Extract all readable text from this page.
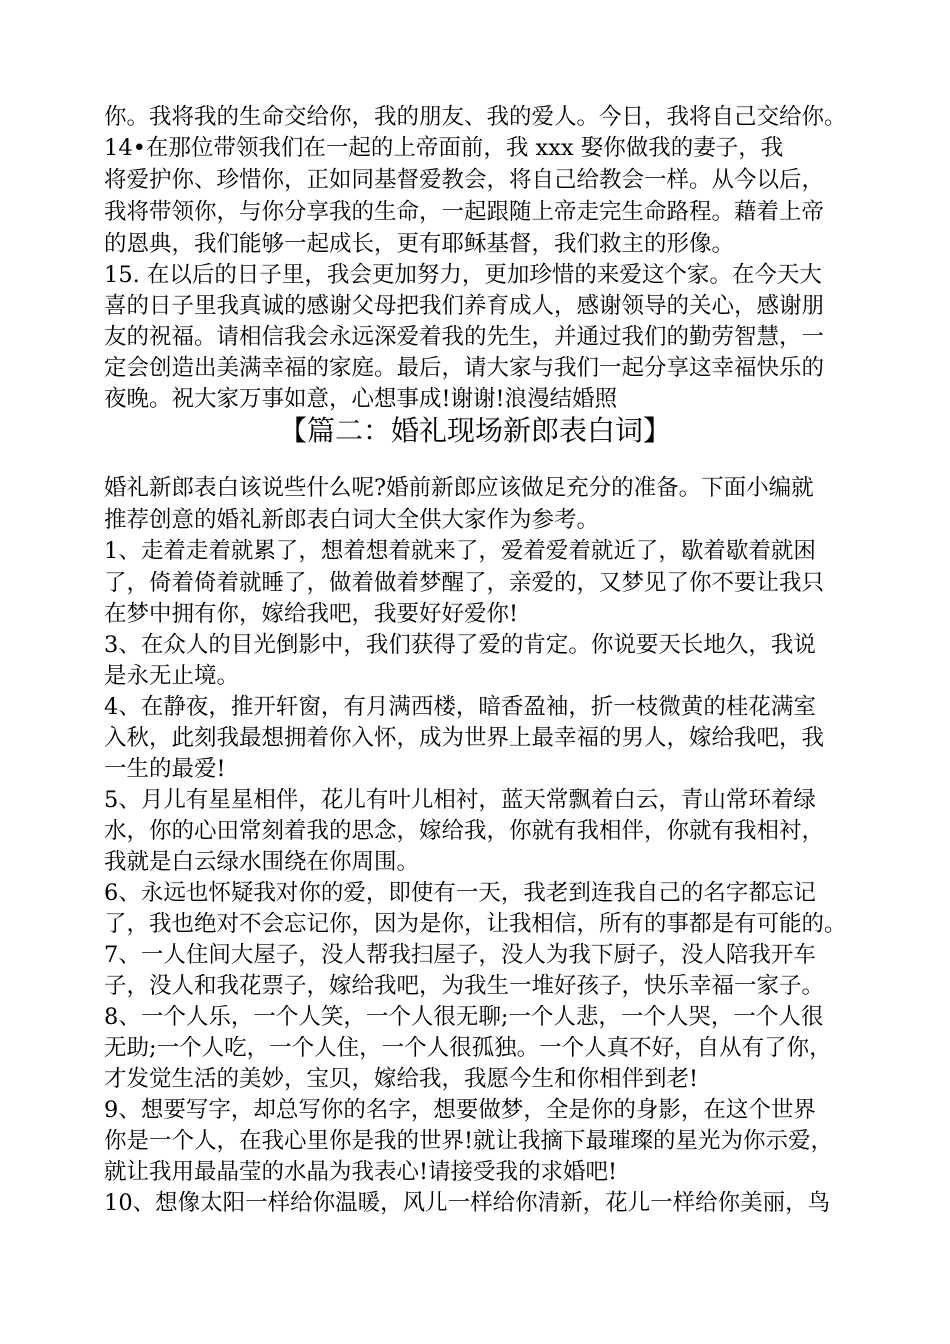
你。我将我的生命交给你，我的朋友、我的爱人。今日，我将自己交给你。
14•在那位带领我们在一起的上帝面前，我 xxx 娶你做我的妻子，我
将爱护你、珍惜你，正如同基督爱教会，将自己给教会一样。从今以后，
我将带领你，与你分享我的生命，一起跟随上帝走完生命路程。藉着上帝
的恩典，我们能够一起成长，更有耶稣基督，我们救主的形像。
15. 在以后的日子里，我会更加努力，更加珍惜的来爱这个家。在今天大
喜的日子里我真诚的感谢父母把我们养育成人，感谢领导的关心，感谢朋
友的祝福。请相信我会永远深爱着我的先生，并通过我们的勤劳智慧，一
定会创造出美满幸福的家庭。最后，请大家与我们一起分享这幸福快乐的
夜晚。祝大家万事如意，心想事成!谢谢!浪漫结婚照
【篇二：婚礼现场新郎表白词】
婚礼新郎表白该说些什么呢?婚前新郎应该做足充分的准备。下面小编就
推荐创意的婚礼新郎表白词大全供大家作为参考。
1、走着走着就累了，想着想着就来了，爱着爱着就近了，歇着歇着就困
了，倚着倚着就睡了，做着做着梦醒了，亲爱的，又梦见了你不要让我只
在梦中拥有你，嫁给我吧，我要好好爱你!
3、在众人的目光倒影中，我们获得了爱的肯定。你说要天长地久，我说
是永无止境。
4、在静夜，推开轩窗，有月满西楼，暗香盈袖，折一枝微黄的桂花满室
入秋，此刻我最想拥着你入怀，成为世界上最幸福的男人，嫁给我吧，我
一生的最爱!
5、月儿有星星相伴，花儿有叶儿相衬，蓝天常飘着白云，青山常环着绿
水，你的心田常刻着我的思念，嫁给我，你就有我相伴，你就有我相衬，
我就是白云绿水围绕在你周围。
6、永远也怀疑我对你的爱，即使有一天，我老到连我自己的名字都忘记
了，我也绝对不会忘记你，因为是你，让我相信，所有的事都是有可能的。
7、一人住间大屋子，没人帮我扫屋子，没人为我下厨子，没人陪我开车
子，没人和我花票子，嫁给我吧，为我生一堆好孩子，快乐幸福一家子。
8、一个人乐，一个人笑，一个人很无聊;一个人悲，一个人哭，一个人很
无助;一个人吃，一个人住，一个人很孤独。一个人真不好，自从有了你，
才发觉生活的美妙，宝贝，嫁给我，我愿今生和你相伴到老!
9、想要写字，却总写你的名字，想要做梦，全是你的身影，在这个世界
你是一个人，在我心里你是我的世界!就让我摘下最璀璨的星光为你示爱，
就让我用最晶莹的水晶为我表心!请接受我的求婚吧!
10、想像太阳一样给你温暖，风儿一样给你清新，花儿一样给你美丽，鸟
